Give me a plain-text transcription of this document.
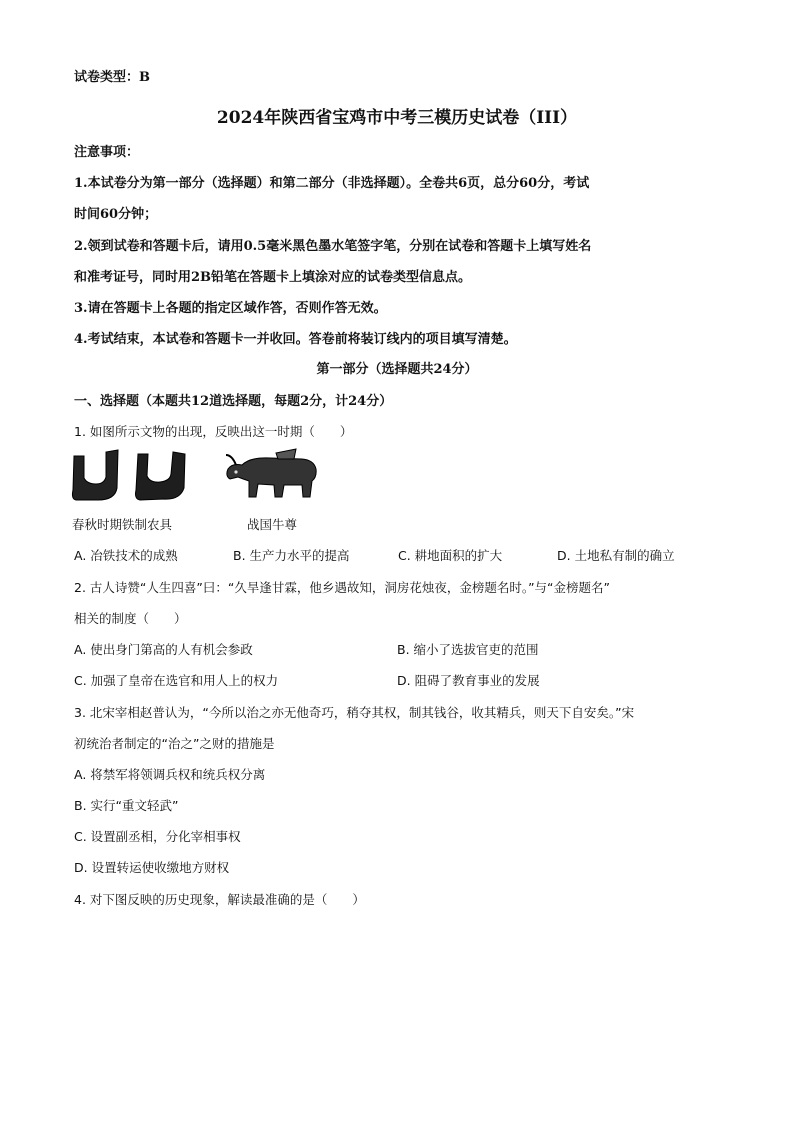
试卷类型：B
2024年陕西省宝鸡市中考三模历史试卷（III）
注意事项：
1.本试卷分为第一部分（选择题）和第二部分（非选择题）。全卷共6页，总分60分，考试
时间60分钟；
2.领到试卷和答题卡后，请用0.5毫米黑色墨水笔签字笔，分别在试卷和答题卡上填写姓名
和准考证号，同时用2B铅笔在答题卡上填涂对应的试卷类型信息点。
3.请在答题卡上各题的指定区域作答，否则作答无效。
4.考试结束，本试卷和答题卡一并收回。答卷前将装订线内的项目填写清楚。
第一部分（选择题共24分）
一、选择题（本题共12道选择题，每题2分，计24分）
1. 如图所示文物的出现，反映出这一时期（　　）
春秋时期铁制农具	战国牛尊
A. 冶铁技术的成熟	B. 生产力水平的提高	C. 耕地面积的扩大	D. 土地私有制的确立
2. 古人诗赞“人生四喜”曰：“久旱逢甘霖，他乡遇故知，洞房花烛夜，金榜题名时。”与“金榜题名”
相关的制度（　　）
A. 使出身门第高的人有机会参政	B. 缩小了选拔官吏的范围
C. 加强了皇帝在选官和用人上的权力	D. 阻碍了教育事业的发展
3. 北宋宰相赵普认为，“今所以治之亦无他奇巧，稍夺其权，制其钱谷，收其精兵，则天下自安矣。”宋
初统治者制定的“治之”之财的措施是
A. 将禁军将领调兵权和统兵权分离
B. 实行“重文轻武”
C. 设置副丞相，分化宰相事权
D. 设置转运使收缴地方财权
4. 对下图反映的历史现象，解读最准确的是（　　）
